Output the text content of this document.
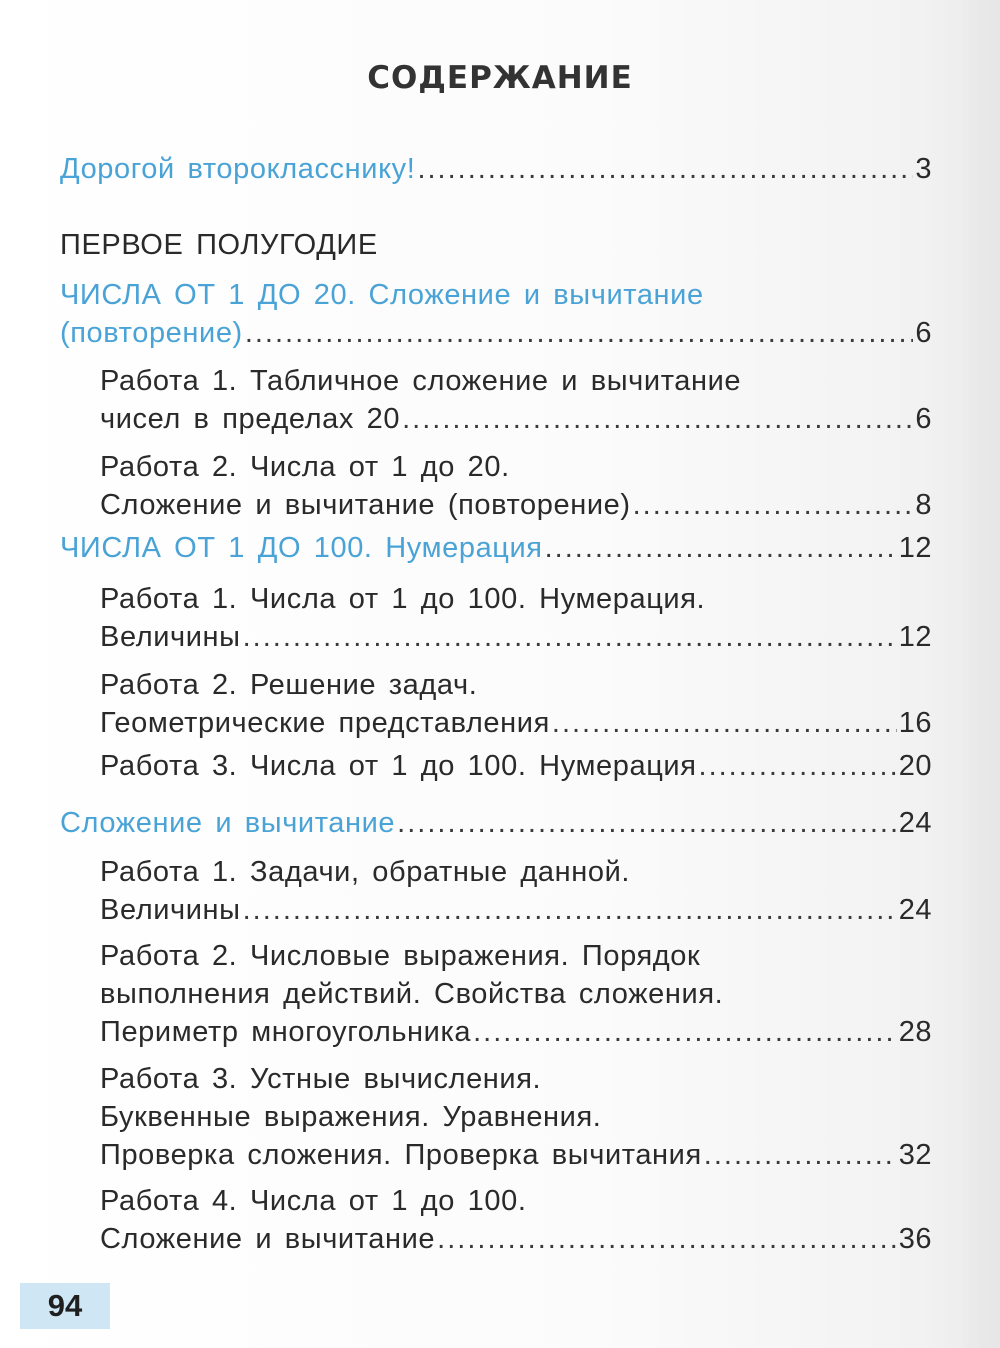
СОДЕРЖАНИЕ
Дорогой второкласснику! .....	3
ПЕРВОЕ ПОЛУГОДИЕ
ЧИСЛА ОТ 1 ДО 20. Сложение и вычитание
(повторение) .....	6
Работа 1. Табличное сложение и вычитание
чисел в пределах 20 .....	6
Работа 2. Числа от 1 до 20.
Сложение и вычитание (повторение) .....	8
ЧИСЛА ОТ 1 ДО 100. Нумерация .....	12
Работа 1. Числа от 1 до 100. Нумерация.
Величины .....	12
Работа 2. Решение задач.
Геометрические представления .....	16
Работа 3. Числа от 1 до 100. Нумерация .....	20
Сложение и вычитание .....	24
Работа 1. Задачи, обратные данной.
Величины .....	24
Работа 2. Числовые выражения. Порядок
выполнения действий. Свойства сложения.
Периметр многоугольника .....	28
Работа 3. Устные вычисления.
Буквенные выражения. Уравнения.
Проверка сложения. Проверка вычитания .....	32
Работа 4. Числа от 1 до 100.
Сложение и вычитание .....	36
94
